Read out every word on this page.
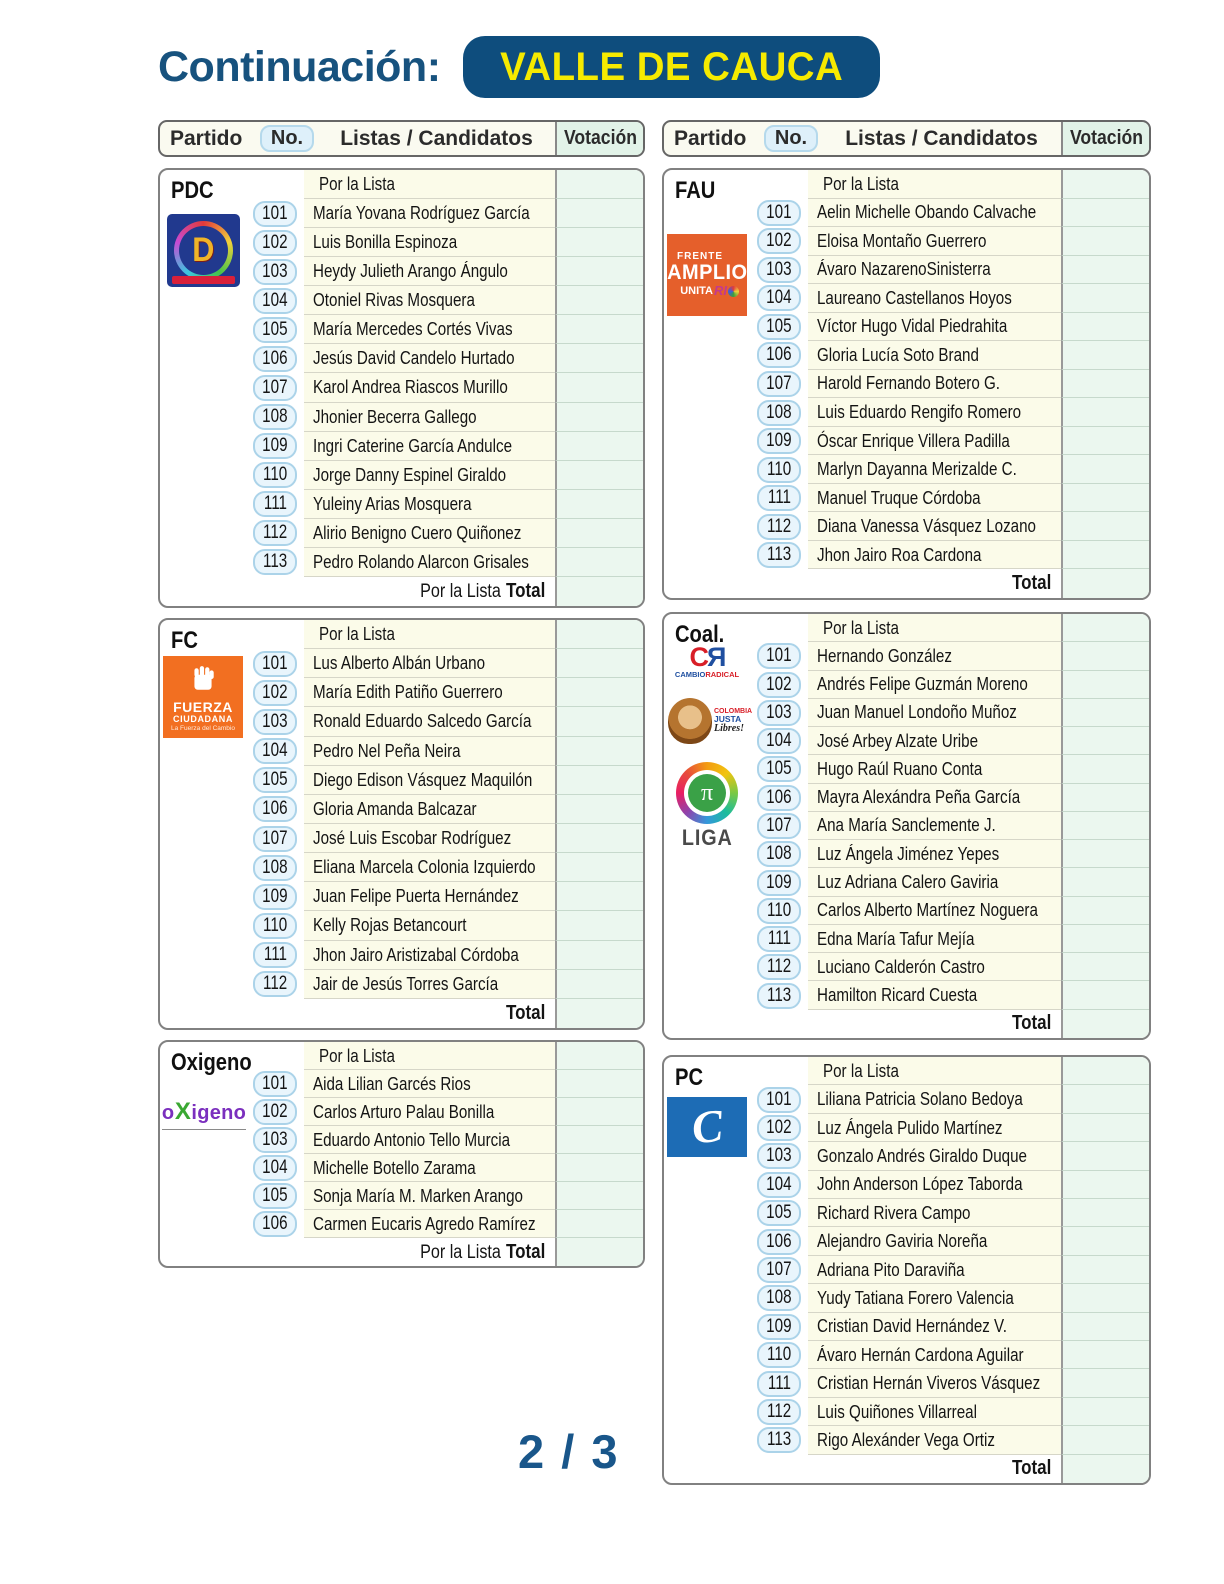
Continuación: VALLE DE CAUCA
Partido	No.	Listas / Candidatos	Votación	Partido	No.	Listas / Candidatos	Votación
PDC
D
Por la Lista
101	María Yovana Rodríguez García
102	Luis Bonilla Espinoza
103	Heydy Julieth Arango Ángulo
104	Otoniel Rivas Mosquera
105	María Mercedes Cortés Vivas
106	Jesús David Candelo Hurtado
107	Karol Andrea Riascos Murillo
108	Jhonier Becerra Gallego
109	Ingri Caterine García Andulce
110	Jorge Danny Espinel Giraldo
111	Yuleiny Arias Mosquera
112	Alirio Benigno Cuero Quiñonez
113	Pedro Rolando Alarcon Grisales
Por la Lista Total
FC
FUERZA
CIUDADANA
La Fuerza del Cambio
Por la Lista
101	Lus Alberto Albán Urbano
102	María Edith Patiño Guerrero
103	Ronald Eduardo Salcedo García
104	Pedro Nel Peña Neira
105	Diego Edison Vásquez Maquilón
106	Gloria Amanda Balcazar
107	José Luis Escobar Rodríguez
108	Eliana Marcela Colonia Izquierdo
109	Juan Felipe Puerta Hernández
110	Kelly Rojas Betancourt
111	Jhon Jairo Aristizabal Córdoba
112	Jair de Jesús Torres García
Total
Oxigeno
o X igeno
Por la Lista
101	Aida Lilian Garcés Rios
102	Carlos Arturo Palau Bonilla
103	Eduardo Antonio Tello Murcia
104	Michelle Botello Zarama
105	Sonja María M. Marken Arango
106	Carmen Eucaris Agredo Ramírez
Por la Lista Total
FAU
FRENTE
AMPLIO
UNITA RI
Por la Lista
101	Aelin Michelle Obando Calvache
102	Eloisa Montaño Guerrero
103	Ávaro NazarenoSinisterra
104	Laureano Castellanos Hoyos
105	Víctor Hugo Vidal Piedrahita
106	Gloria Lucía Soto Brand
107	Harold Fernando Botero G.
108	Luis Eduardo Rengifo Romero
109	Óscar Enrique Villera Padilla
110	Marlyn Dayanna Merizalde C.
111	Manuel Truque Córdoba
112	Diana Vanessa Vásquez Lozano
113	Jhon Jairo Roa Cardona
Total
Coal.
CЯ
CAMBIORADICAL
COLOMBIA
JUSTA
Libres!
π
LIGA
Por la Lista
101	Hernando González
102	Andrés Felipe Guzmán Moreno
103	Juan Manuel Londoño Muñoz
104	José Arbey Alzate Uribe
105	Hugo Raúl Ruano Conta
106	Mayra Alexándra Peña García
107	Ana María Sanclemente J.
108	Luz Ángela Jiménez Yepes
109	Luz Adriana Calero Gaviria
110	Carlos Alberto Martínez Noguera
111	Edna María Tafur Mejía
112	Luciano Calderón Castro
113	Hamilton Ricard Cuesta
Total
PC
C
Por la Lista
101	Liliana Patricia Solano Bedoya
102	Luz Ángela Pulido Martínez
103	Gonzalo Andrés Giraldo Duque
104	John Anderson López Taborda
105	Richard Rivera Campo
106	Alejandro Gaviria Noreña
107	Adriana Pito Daraviña
108	Yudy Tatiana Forero Valencia
109	Cristian David Hernández V.
110	Ávaro Hernán Cardona Aguilar
111	Cristian Hernán Viveros Vásquez
112	Luis Quiñones Villarreal
113	Rigo Alexánder Vega Ortiz
Total
2 / 3
